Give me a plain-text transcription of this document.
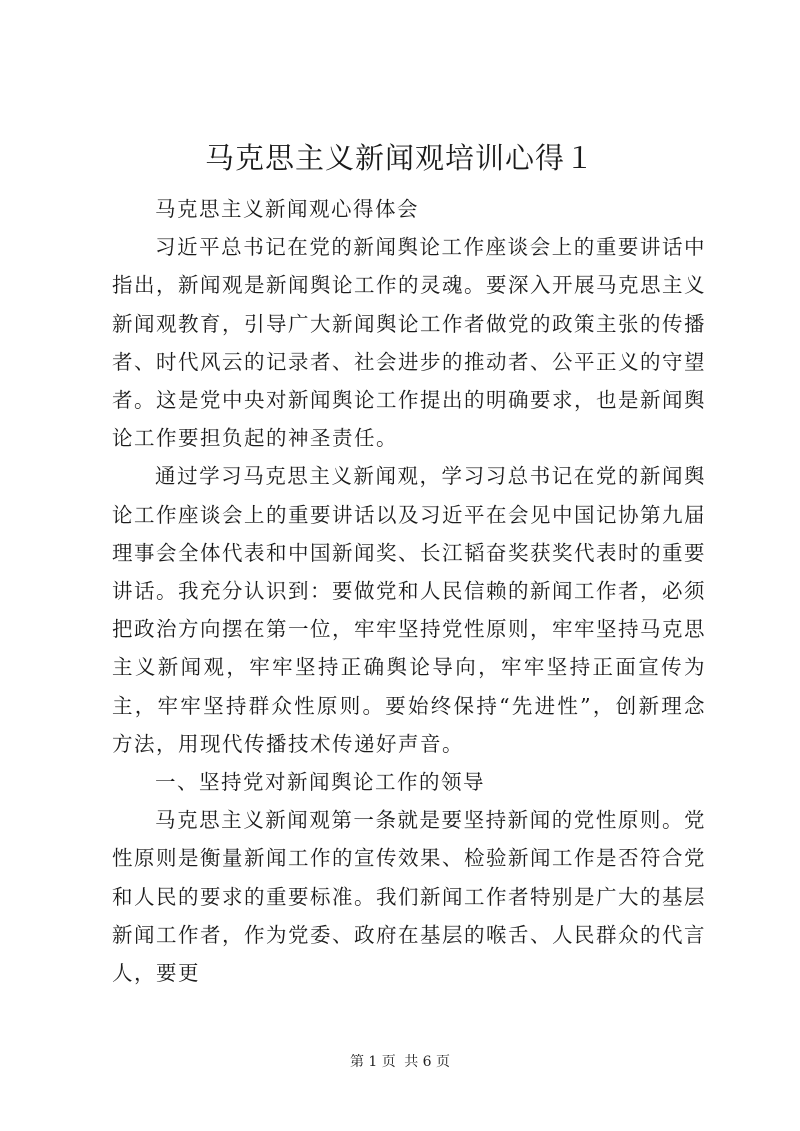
马克思主义新闻观培训心得１

马克思主义新闻观心得体会

习近平总书记在党的新闻舆论工作座谈会上的重要讲话中指出，新闻观是新闻舆论工作的灵魂。要深入开展马克思主义新闻观教育，引导广大新闻舆论工作者做党的政策主张的传播者、时代风云的记录者、社会进步的推动者、公平正义的守望者。这是党中央对新闻舆论工作提出的明确要求，也是新闻舆论工作要担负起的神圣责任。

通过学习马克思主义新闻观，学习习总书记在党的新闻舆论工作座谈会上的重要讲话以及习近平在会见中国记协第九届理事会全体代表和中国新闻奖、长江韬奋奖获奖代表时的重要讲话。我充分认识到：要做党和人民信赖的新闻工作者，必须把政治方向摆在第一位，牢牢坚持党性原则，牢牢坚持马克思主义新闻观，牢牢坚持正确舆论导向，牢牢坚持正面宣传为主，牢牢坚持群众性原则。要始终保持“先进性”，创新理念方法，用现代传播技术传递好声音。

一、坚持党对新闻舆论工作的领导

马克思主义新闻观第一条就是要坚持新闻的党性原则。党性原则是衡量新闻工作的宣传效果、检验新闻工作是否符合党和人民的要求的重要标准。我们新闻工作者特别是广大的基层新闻工作者，作为党委、政府在基层的喉舌、人民群众的代言人，要更

第 1 页 共 6 页
